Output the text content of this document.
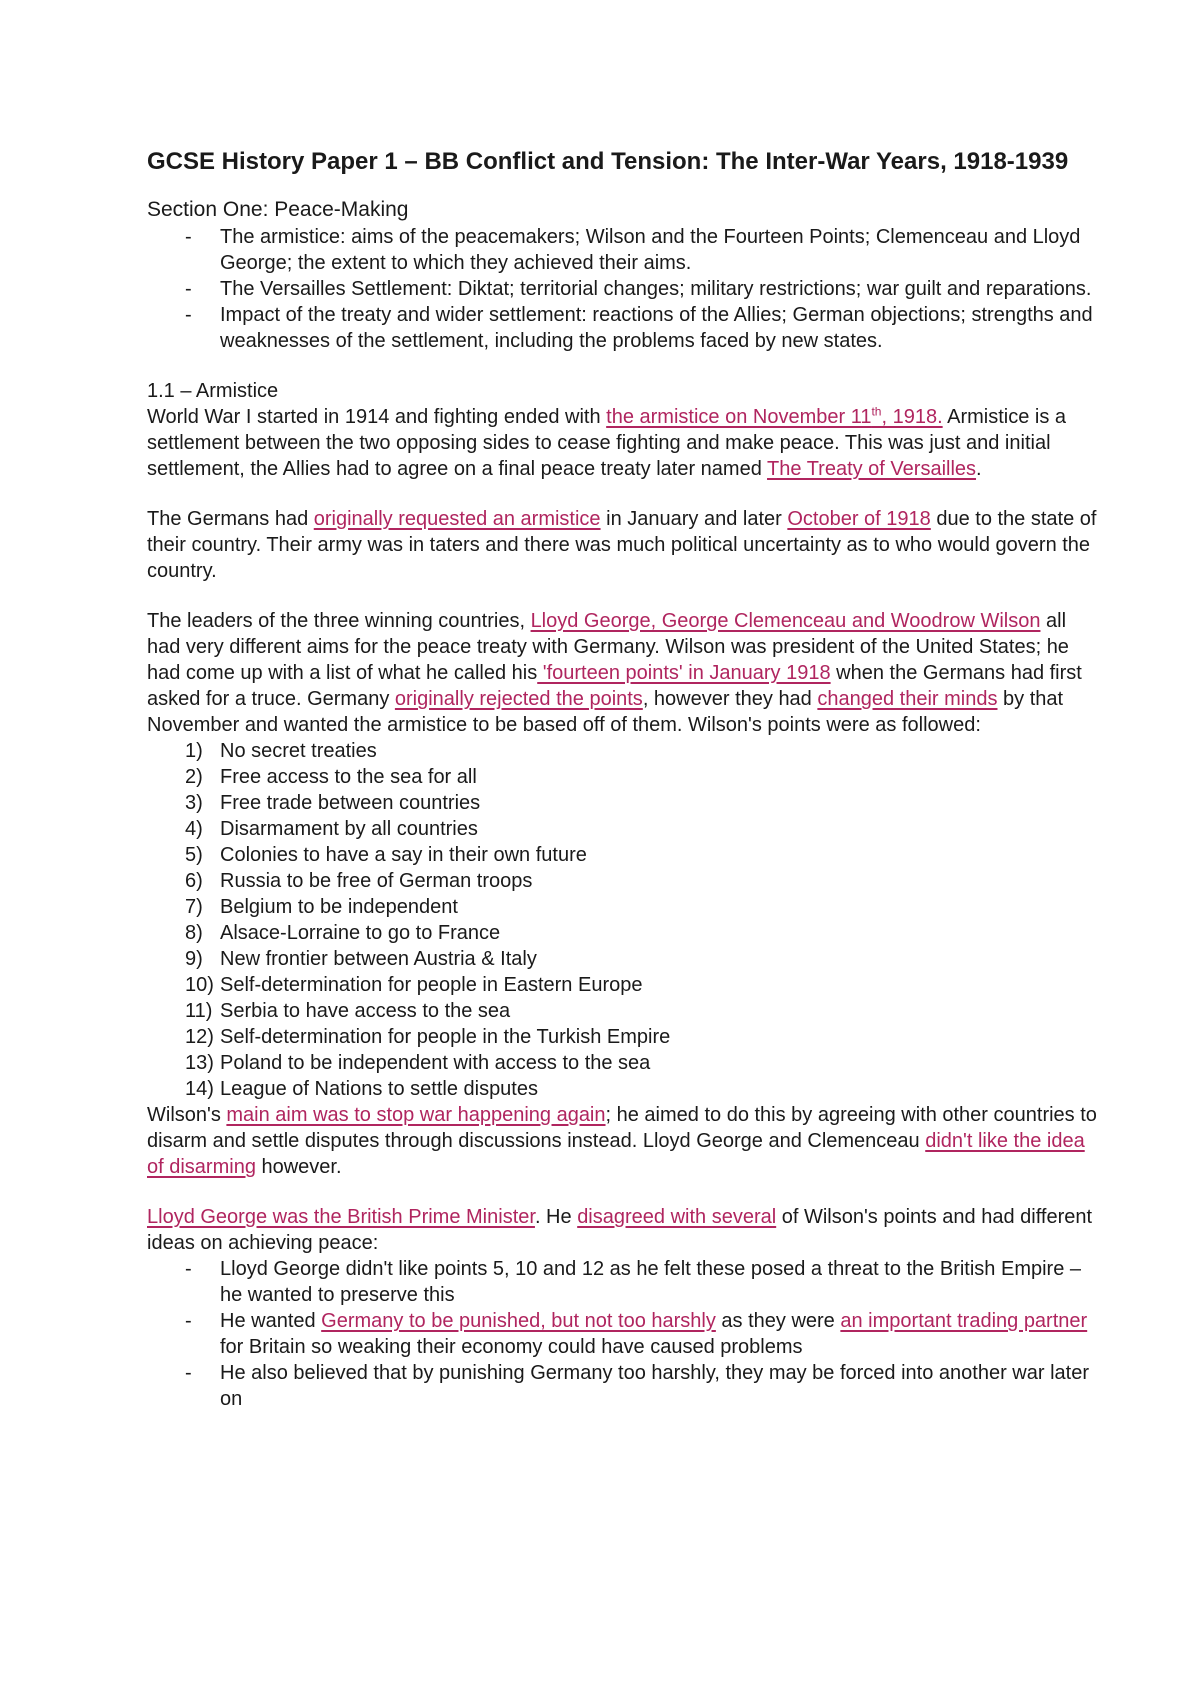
GCSE History Paper 1 – BB Conflict and Tension: The Inter-War Years, 1918-1939

Section One: Peace-Making

- The armistice: aims of the peacemakers; Wilson and the Fourteen Points; Clemenceau and Lloyd George; the extent to which they achieved their aims.
- The Versailles Settlement: Diktat; territorial changes; military restrictions; war guilt and reparations.
- Impact of the treaty and wider settlement: reactions of the Allies; German objections; strengths and weaknesses of the settlement, including the problems faced by new states.

1.1 – Armistice

World War I started in 1914 and fighting ended with the armistice on November 11th, 1918. Armistice is a settlement between the two opposing sides to cease fighting and make peace. This was just and initial settlement, the Allies had to agree on a final peace treaty later named The Treaty of Versailles.

The Germans had originally requested an armistice in January and later October of 1918 due to the state of their country. Their army was in taters and there was much political uncertainty as to who would govern the country.

The leaders of the three winning countries, Lloyd George, George Clemenceau and Woodrow Wilson all had very different aims for the peace treaty with Germany. Wilson was president of the United States; he had come up with a list of what he called his 'fourteen points' in January 1918 when the Germans had first asked for a truce. Germany originally rejected the points, however they had changed their minds by that November and wanted the armistice to be based off of them. Wilson's points were as followed:

1) No secret treaties
2) Free access to the sea for all
3) Free trade between countries
4) Disarmament by all countries
5) Colonies to have a say in their own future
6) Russia to be free of German troops
7) Belgium to be independent
8) Alsace-Lorraine to go to France
9) New frontier between Austria & Italy
10) Self-determination for people in Eastern Europe
11) Serbia to have access to the sea
12) Self-determination for people in the Turkish Empire
13) Poland to be independent with access to the sea
14) League of Nations to settle disputes

Wilson's main aim was to stop war happening again; he aimed to do this by agreeing with other countries to disarm and settle disputes through discussions instead. Lloyd George and Clemenceau didn't like the idea of disarming however.

Lloyd George was the British Prime Minister. He disagreed with several of Wilson's points and had different ideas on achieving peace:

- Lloyd George didn't like points 5, 10 and 12 as he felt these posed a threat to the British Empire – he wanted to preserve this
- He wanted Germany to be punished, but not too harshly as they were an important trading partner for Britain so weaking their economy could have caused problems
- He also believed that by punishing Germany too harshly, they may be forced into another war later on
